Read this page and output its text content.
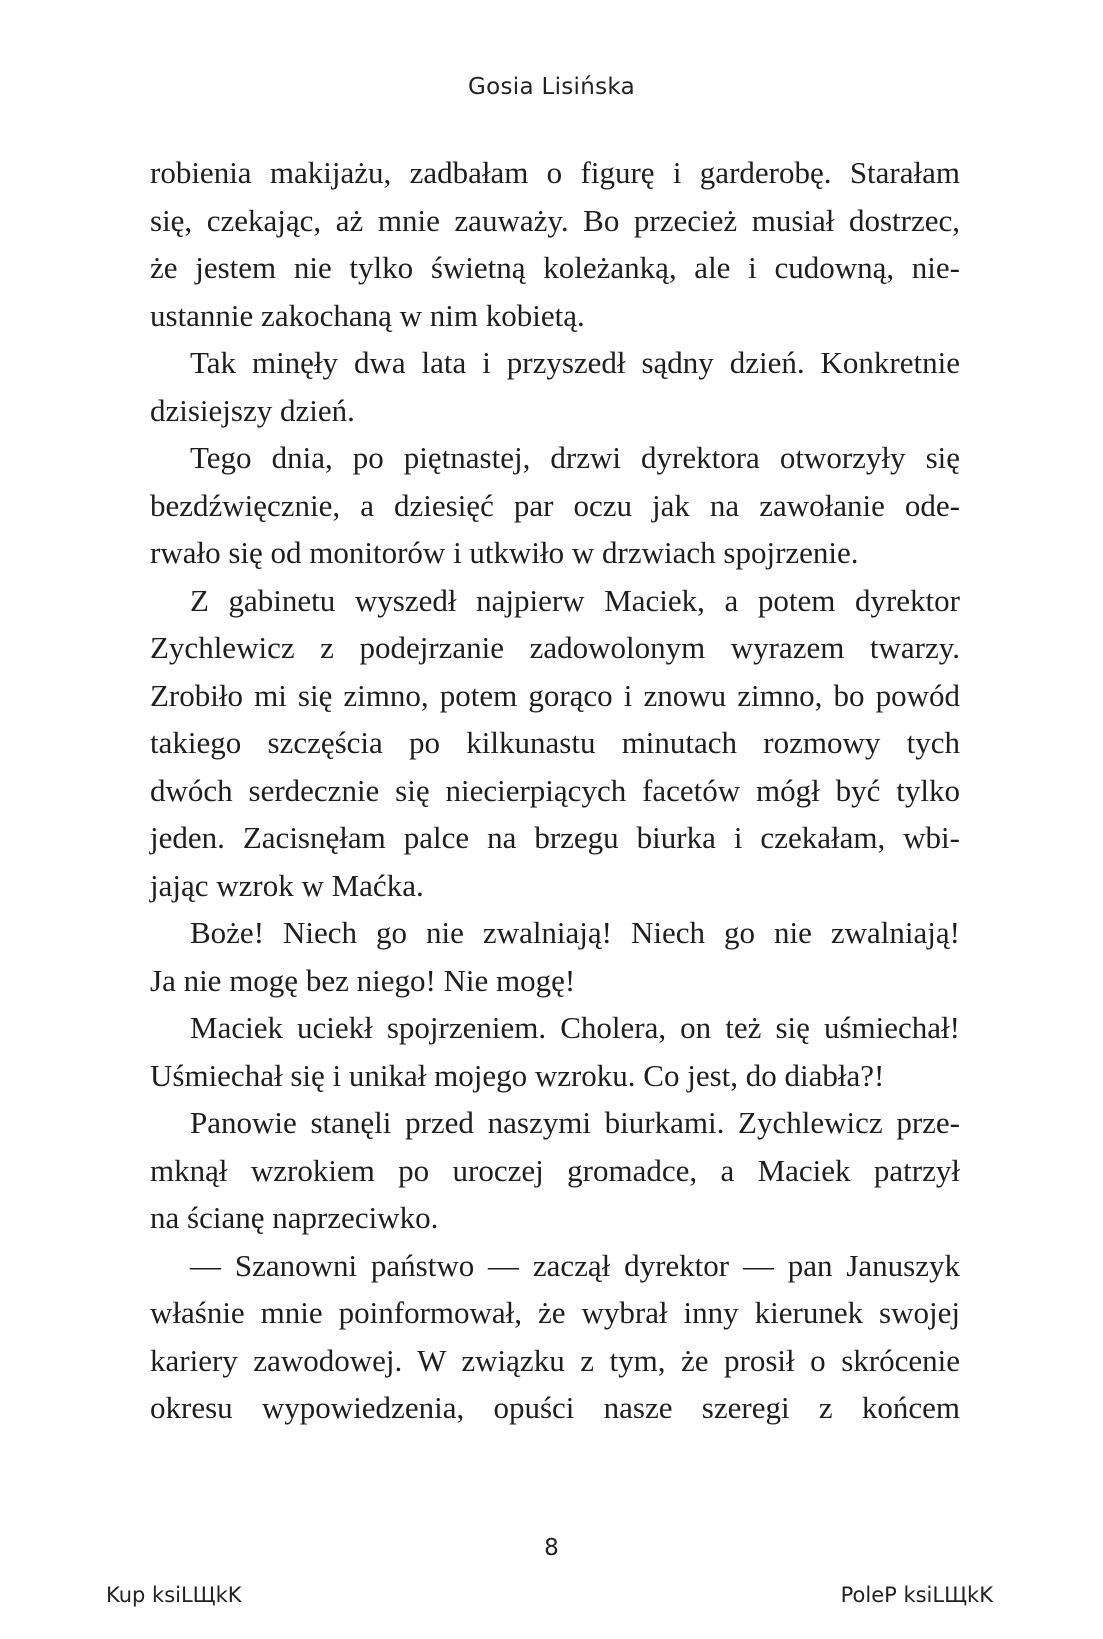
Gosia Lisińska
robienia makijażu, zadbałam o figurę i garderobę. Starałam
się, czekając, aż mnie zauważy. Bo przecież musiał dostrzec,
że jestem nie tylko świetną koleżanką, ale i cudowną, nie-
ustannie zakochaną w nim kobietą.
Tak minęły dwa lata i przyszedł sądny dzień. Konkretnie
dzisiejszy dzień.
Tego dnia, po piętnastej, drzwi dyrektora otworzyły się
bezdźwięcznie, a dziesięć par oczu jak na zawołanie ode-
rwało się od monitorów i utkwiło w drzwiach spojrzenie.
Z gabinetu wyszedł najpierw Maciek, a potem dyrektor
Zychlewicz z podejrzanie zadowolonym wyrazem twarzy.
Zrobiło mi się zimno, potem gorąco i znowu zimno, bo powód
takiego szczęścia po kilkunastu minutach rozmowy tych
dwóch serdecznie się niecierpiących facetów mógł być tylko
jeden. Zacisnęłam palce na brzegu biurka i czekałam, wbi-
jając wzrok w Maćka.
Boże! Niech go nie zwalniają! Niech go nie zwalniają!
Ja nie mogę bez niego! Nie mogę!
Maciek uciekł spojrzeniem. Cholera, on też się uśmiechał!
Uśmiechał się i unikał mojego wzroku. Co jest, do diabła?!
Panowie stanęli przed naszymi biurkami. Zychlewicz prze-
mknął wzrokiem po uroczej gromadce, a Maciek patrzył
na ścianę naprzeciwko.
— Szanowni państwo — zaczął dyrektor — pan Januszyk
właśnie mnie poinformował, że wybrał inny kierunek swojej
kariery zawodowej. W związku z tym, że prosił o skrócenie
okresu wypowiedzenia, opuści nasze szeregi z końcem
8
Kup ksiLЩkK	PoleP ksiLЩkK
